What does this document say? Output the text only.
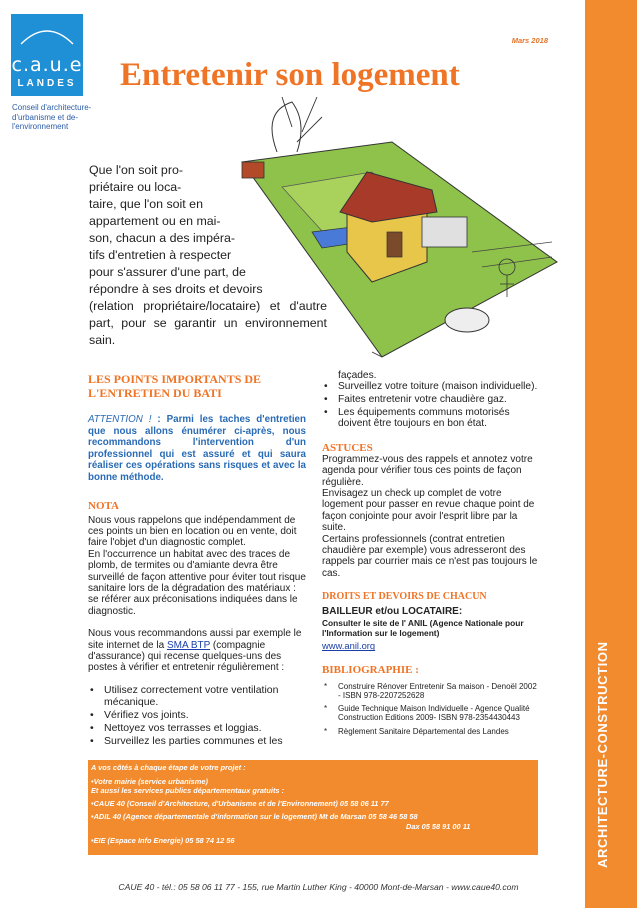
ARCHITECTURE-CONSTRUCTION
c.a.u.e
LANDES
Conseil d'architecture-
d'urbanisme et de-
l'environnement
Mars 2018
Entretenir son logement
Que l'on soit pro-
priétaire ou loca-
taire, que l'on soit en
appartement ou en mai-
son, chacun a des impéra-
tifs d'entretien à respecter
pour s'assurer d'une part, de
répondre à ses droits et devoirs
(relation propriétaire/locataire) et d'autre part, pour se garantir un environnement sain.
LES POINTS IMPORTANTS DE L'ENTRETIEN DU BATI

ATTENTION ! : Parmi les taches d'entretien que nous allons énumérer ci-après, nous recommandons l'intervention d'un professionnel qui est assuré et qui saura réaliser ces opérations sans risques et avec la bonne méthode.

NOTA

Nous vous rappelons que indépendamment de ces points un bien en location ou en vente, doit faire l'objet d'un diagnostic complet.

En l'occurrence un habitat avec des traces de plomb, de termites ou d'amiante devra être surveillé de façon attentive pour éviter tout risque sanitaire lors de la dégradation des matériaux : se référer aux préconisations indiquées dans le diagnostic.

Nous vous recommandons aussi par exemple le site internet de la SMA BTP (compagnie d'assurance) qui recense quelques-uns des postes à vérifier et entretenir régulièrement :

• Utilisez correctement votre ventilation mécanique.
• Vérifiez vos joints.
• Nettoyez vos terrasses et loggias.
• Surveillez les parties communes et les
façades.
• Surveillez votre toiture (maison individuelle).
• Faites entretenir votre chaudière gaz.
• Les équipements communs motorisés doivent être toujours en bon état.
ASTUCES

Programmez-vous des rappels et annotez votre agenda pour vérifier tous ces points de façon régulière.

Envisagez un check up complet de votre logement pour passer en revue chaque point de façon conjointe pour avoir l'esprit libre par la suite.

Certains professionnels (contrat entretien chaudière par exemple) vous adresseront des rappels par courrier mais ce n'est pas toujours le cas.

DROITS ET DEVOIRS DE CHACUN

BAILLEUR et/ou LOCATAIRE:

Consulter le site de l' ANIL (Agence Nationale pour l'Information sur le logement)

www.anil.org
BIBLIOGRAPHIE :
* Construire Rénover Entretenir Sa maison - Denoël 2002 - ISBN 978-2207252628
* Guide Technique Maison Individuelle - Agence Qualité Construction Editions 2009- ISBN 978-2354430443
* Règlement Sanitaire Départemental des Landes
A vos côtés à chaque étape de votre projet :
•Votre mairie (service urbanisme)
Et aussi les services publics départementaux gratuits :
•CAUE 40 (Conseil d'Architecture, d'Urbanisme et de l'Environnement) 05 58 06 11 77
•ADIL 40 (Agence départementale d'information sur le logement) Mt de Marsan 05 58 46 58 58
Dax 05 58 91 00 11
•EIE (Espace Info Energie) 05 58 74 12 56
CAUE 40 - tél.: 05 58 06 11 77 - 155, rue Martin Luther King - 40000 Mont-de-Marsan - www.caue40.com
